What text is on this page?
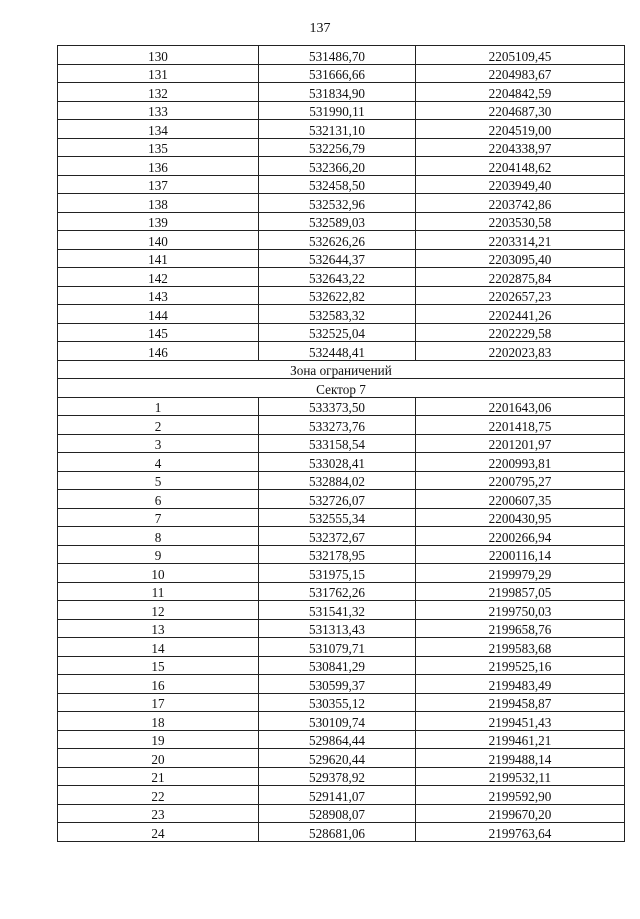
137
130	531486,70	2205109,45
131	531666,66	2204983,67
132	531834,90	2204842,59
133	531990,11	2204687,30
134	532131,10	2204519,00
135	532256,79	2204338,97
136	532366,20	2204148,62
137	532458,50	2203949,40
138	532532,96	2203742,86
139	532589,03	2203530,58
140	532626,26	2203314,21
141	532644,37	2203095,40
142	532643,22	2202875,84
143	532622,82	2202657,23
144	532583,32	2202441,26
145	532525,04	2202229,58
146	532448,41	2202023,83
Зона ограничений		
Сектор 7		
1	533373,50	2201643,06
2	533273,76	2201418,75
3	533158,54	2201201,97
4	533028,41	2200993,81
5	532884,02	2200795,27
6	532726,07	2200607,35
7	532555,34	2200430,95
8	532372,67	2200266,94
9	532178,95	2200116,14
10	531975,15	2199979,29
11	531762,26	2199857,05
12	531541,32	2199750,03
13	531313,43	2199658,76
14	531079,71	2199583,68
15	530841,29	2199525,16
16	530599,37	2199483,49
17	530355,12	2199458,87
18	530109,74	2199451,43
19	529864,44	2199461,21
20	529620,44	2199488,14
21	529378,92	2199532,11
22	529141,07	2199592,90
23	528908,07	2199670,20
24	528681,06	2199763,64
